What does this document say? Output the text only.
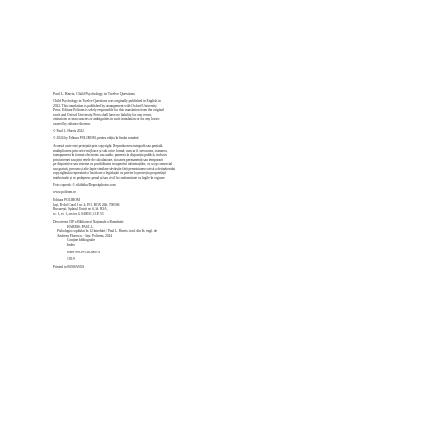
Paul L. Harris, Child Psychology in Twelve Questions

Child Psychology in Twelve Questions was originally published in English in

2022. This translation is published by arrangement with Oxford University

Press. Editura Polirom is solely responsible for this translation from the original

work and Oxford University Press shall have no liability for any errors,

omissions or inaccuracies or ambiguities in such translation or for any losses

caused by reliance thereon.

© Paul L. Harris 2022

© 2024 by Editura POLIROM, pentru ediția în limba română

Această carte este protejată prin copyright. Reproducerea integrală sau parțială,

multiplicarea prin orice mijloace și sub orice formă, cum ar fi xeroxarea, scanarea,

transpunerea în format electronic sau audio, punerea la dispoziția publică, inclusiv

prin internet sau prin rețele de calculatoare, stocarea permanentă sau temporară

pe dispozitive sau sisteme cu posibilitatea recuperării informațiilor, cu scop comercial

sau gratuit, precum și alte fapte similare săvârșite fără permisiunea scrisă a deținătorului

copyrightului reprezintă o încălcare a legislației cu privire la protecția proprietății

intelectuale și se pedepsesc penal și/sau civil în conformitate cu legile în vigoare.

Foto copertă: © sikthitha/Depositphotos.com

www.polirom.ro

Editura POLIROM

Iași, B-dul Carol I nr. 4; P.O. BOX 266, 700506

București, Splaiul Unirii nr. 6, bl. B3A,

sc. 1, et. 1, sector 4, 040031, O.P. 53

Descrierea CIP a Bibliotecii Naționale a României:

HARRIS, PAUL L.

Psihologia copilului în 12 întrebări / Paul L. Harris; trad. din lb. engl. de

Andreea Florescu. - Iași: Polirom, 2024

Conține bibliografie

Index

ISBN 978-973-46-9897-9

159.9

Printed in ROMANIA
